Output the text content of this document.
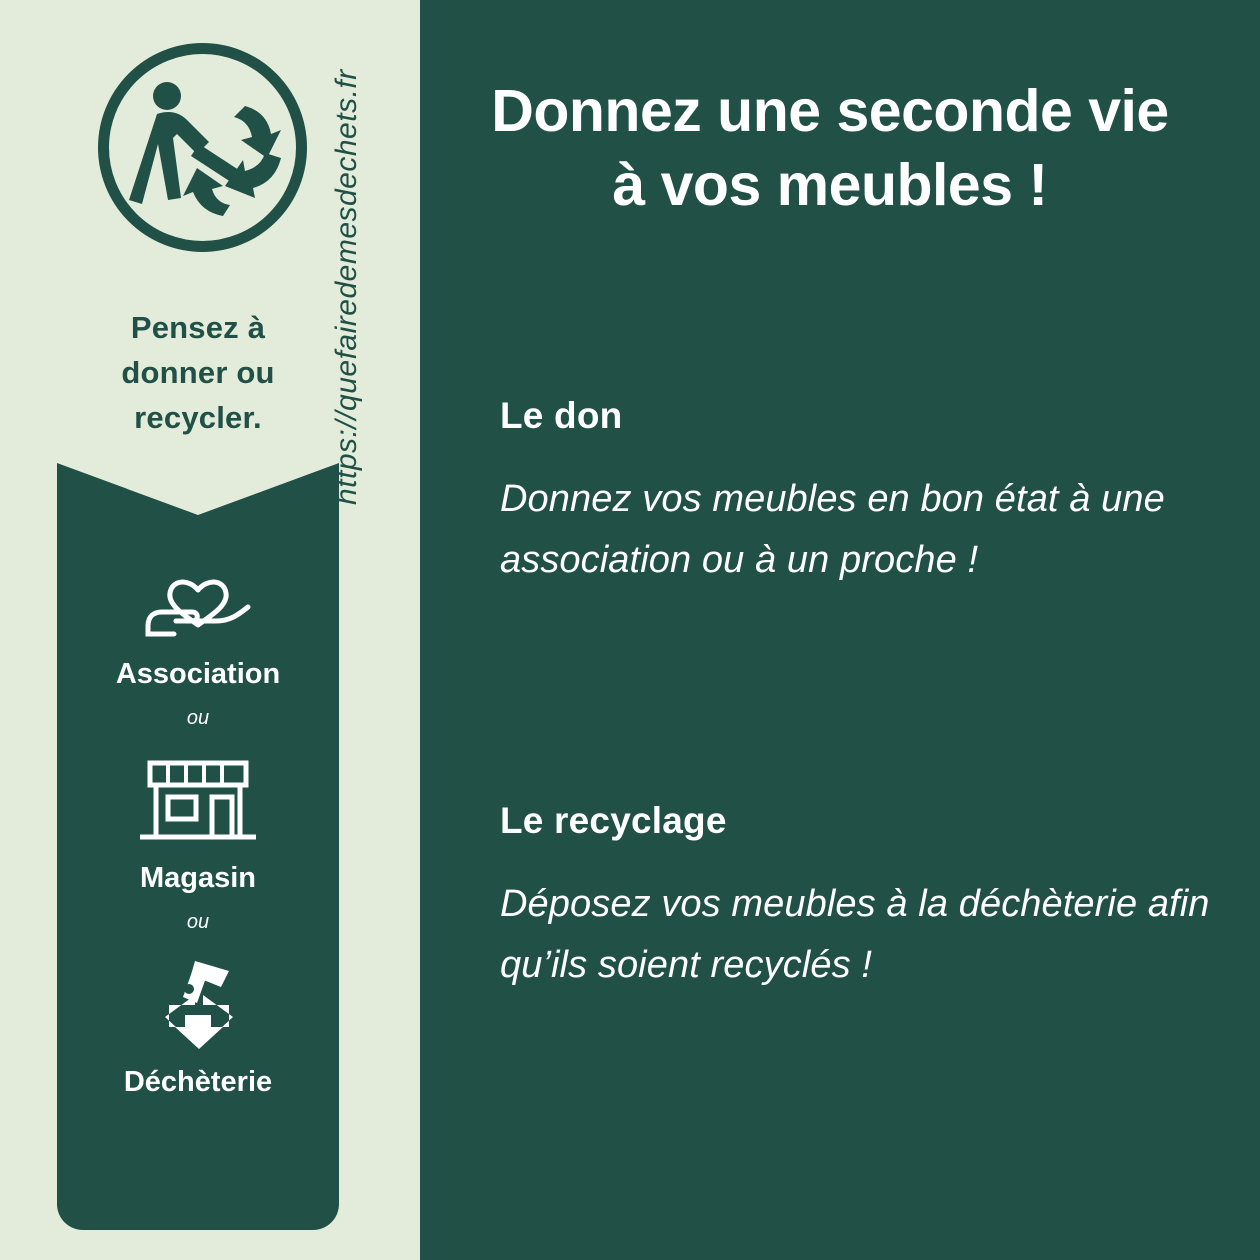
Pensez à
donner ou
recycler.
Association
ou
Magasin
ou
Déchèterie
https://quefairedemesdechets.fr	Donnez une seconde vie
à vos meubles !
Le don
Donnez vos meubles en bon état à une association ou à un proche !
Le recyclage
Déposez vos meubles à la déchèterie afin qu’ils soient recyclés !
